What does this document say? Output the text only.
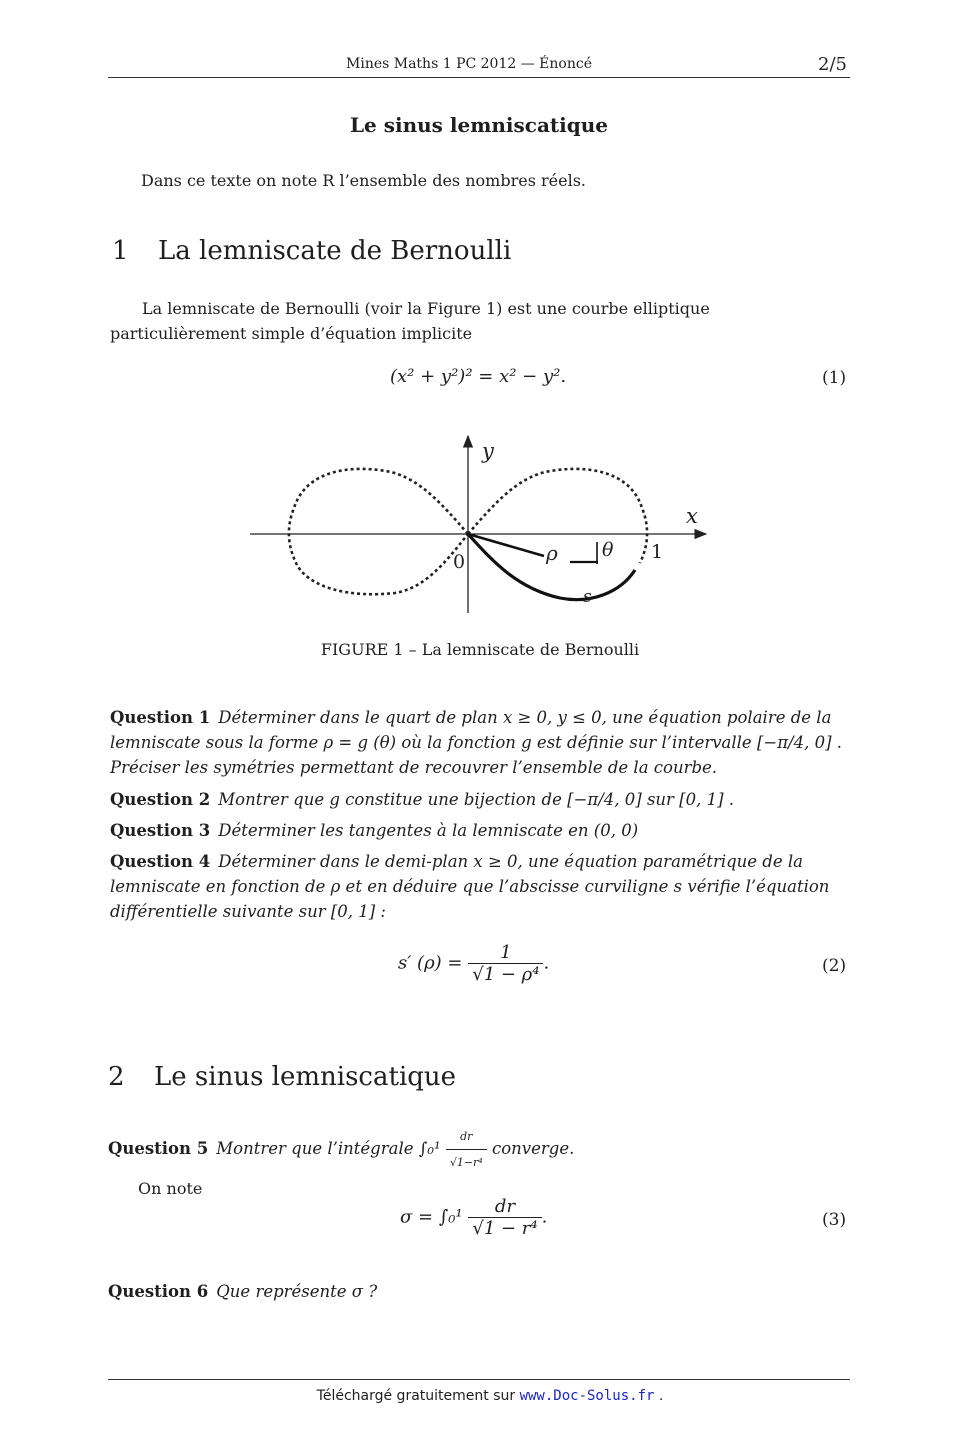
Mines Maths 1 PC 2012 — Énoncé	2/5
Le sinus lemniscatique
Dans ce texte on note R l’ensemble des nombres réels.
1 La lemniscate de Bernoulli
La lemniscate de Bernoulli (voir la Figure 1) est une courbe elliptique particulièrement simple d’équation implicite
(x² + y²)² = x² − y².	(1)
y
x
0	1
ρ θ
s
FIGURE 1 – La lemniscate de Bernoulli
Question 1 Déterminer dans le quart de plan x ≥ 0, y ≤ 0, une équation polaire de la lemniscate sous la forme ρ = g (θ) où la fonction g est définie sur l’intervalle [−π/4, 0] . Préciser les symétries permettant de recouvrer l’ensemble de la courbe.
Question 2 Montrer que g constitue une bijection de [−π/4, 0] sur [0, 1] .
Question 3 Déterminer les tangentes à la lemniscate en (0, 0)
Question 4 Déterminer dans le demi-plan x ≥ 0, une équation paramétrique de la lemniscate en fonction de ρ et en déduire que l’abscisse curviligne s vérifie l’équation différentielle suivante sur [0, 1] :
s′ $(\rho) = \frac{1}{\text{√1 − ρ⁴}}$ .	(2)
2 Le sinus lemniscatique
Question 5 Montrer que l’intégrale $\int_0^1 \frac{dr}{\text{√1−r⁴}}$ converge.
On note
$\sigma = \int_0^1 \frac{dr}{\text{√1 − r⁴}}$ .	(3)
Question 6 Que représente σ ?
Téléchargé gratuitement sur www.Doc-Solus.fr .
